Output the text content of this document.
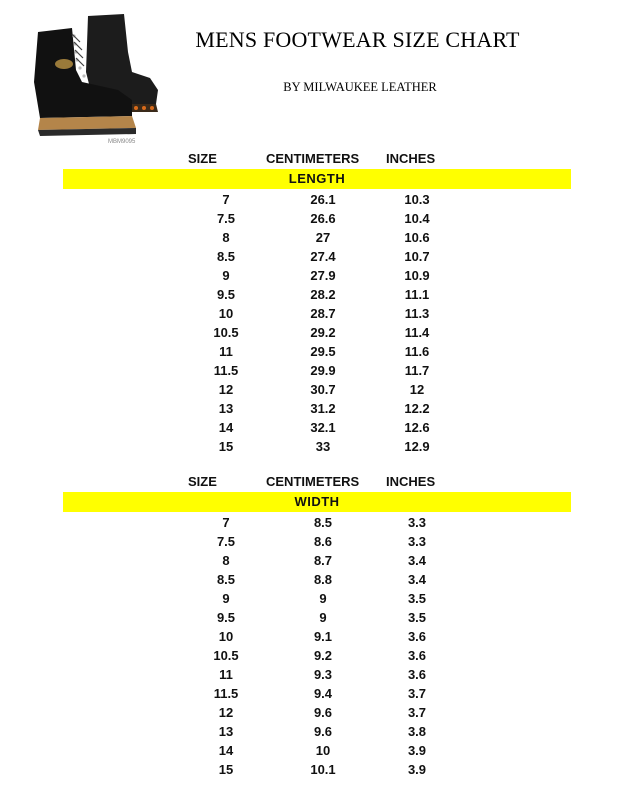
MENS FOOTWEAR SIZE CHART
BY MILWAUKEE LEATHER
MBM9095
SIZE	CENTIMETERS INCHES
LENGTH
7	26.1	10.3
7.5	26.6	10.4
8	27	10.6
8.5	27.4	10.7
9	27.9	10.9
9.5	28.2	11.1
10	28.7	11.3
10.5	29.2	11.4
11	29.5	11.6
11.5	29.9	11.7
12	30.7	12
13	31.2	12.2
14	32.1	12.6
15	33	12.9
SIZE	CENTIMETERS INCHES
WIDTH
7	8.5	3.3
7.5	8.6	3.3
8	8.7	3.4
8.5	8.8	3.4
9	9	3.5
9.5	9	3.5
10	9.1	3.6
10.5	9.2	3.6
11	9.3	3.6
11.5	9.4	3.7
12	9.6	3.7
13	9.6	3.8
14	10	3.9
15	10.1	3.9
